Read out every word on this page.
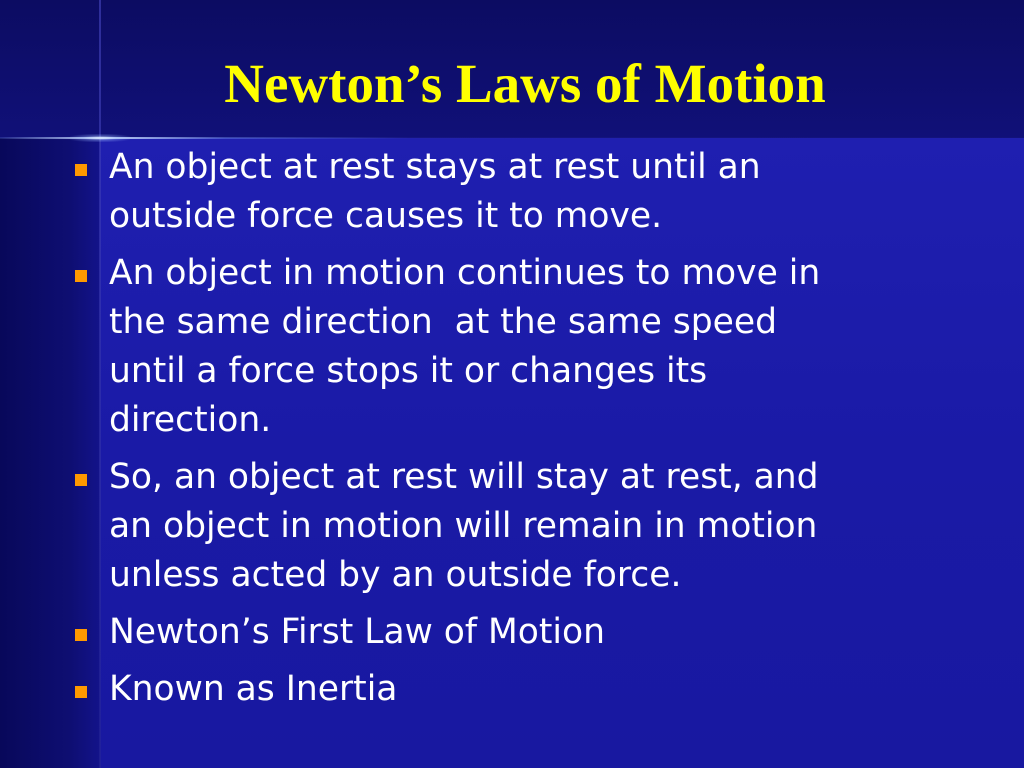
Newton’s Laws of Motion
An object at rest stays at rest until an
outside force causes it to move.
An object in motion continues to move in
the same direction  at the same speed
until a force stops it or changes its
direction.
So, an object at rest will stay at rest, and
an object in motion will remain in motion
unless acted by an outside force.
Newton’s First Law of Motion
Known as Inertia
